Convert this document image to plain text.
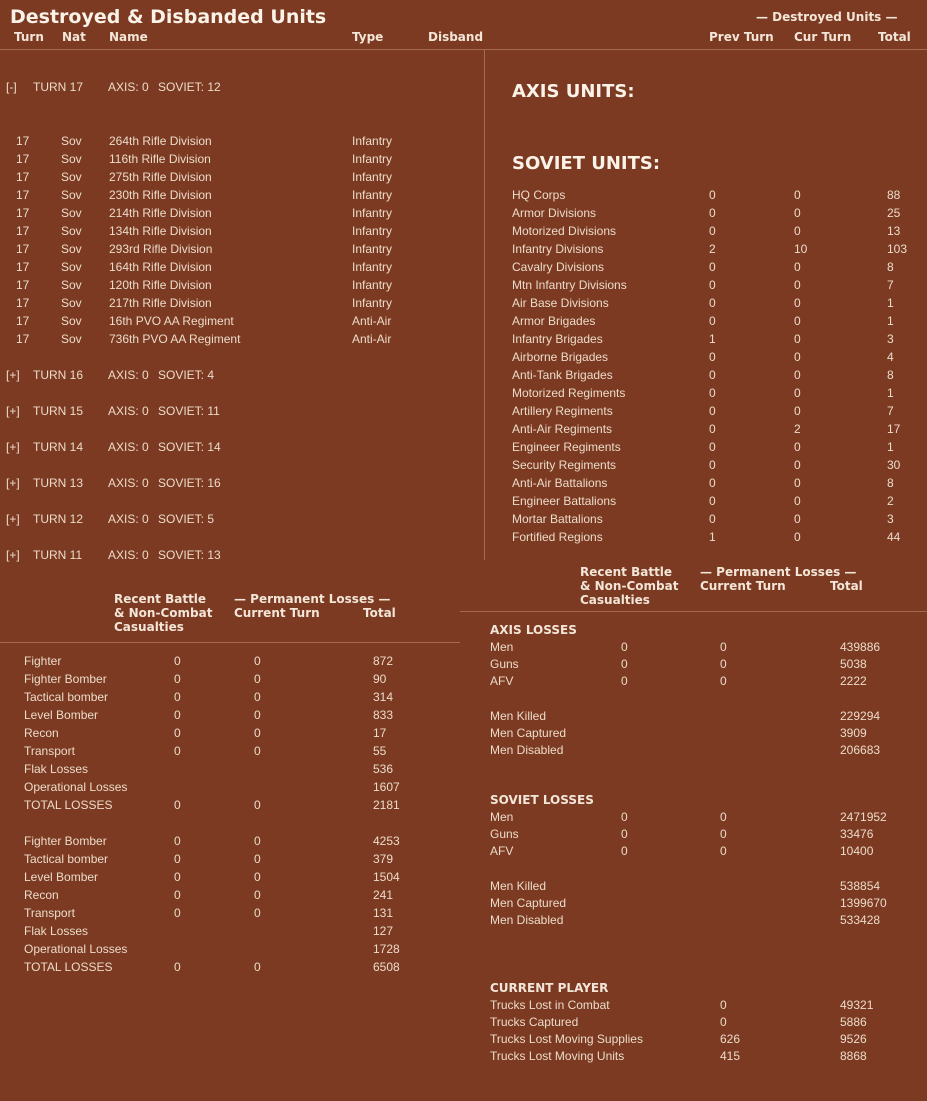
Destroyed & Disbanded Units
Turn Nat Name	Type	Disband
[-] TURN 17 AXIS: 0 SOVIET: 12
[+] TURN 16 AXIS: 0 SOVIET: 4
[+] TURN 15 AXIS: 0 SOVIET: 11
[+] TURN 14 AXIS: 0 SOVIET: 14
[+] TURN 13 AXIS: 0 SOVIET: 16
[+] TURN 12 AXIS: 0 SOVIET: 5
[+] TURN 11 AXIS: 0 SOVIET: 13
17	Sov 264th Rifle Division	Infantry
17	Sov 116th Rifle Division	Infantry
17	Sov 275th Rifle Division	Infantry
17	Sov 230th Rifle Division	Infantry
17	Sov 214th Rifle Division	Infantry
17	Sov 134th Rifle Division	Infantry
17	Sov 293rd Rifle Division	Infantry
17	Sov 164th Rifle Division	Infantry
17	Sov 120th Rifle Division	Infantry
17	Sov 217th Rifle Division	Infantry
17	Sov 16th PVO AA Regiment	Anti-Air
17	Sov 736th PVO AA Regiment	Anti-Air
— Destroyed Units —
Prev Turn Cur Turn Total
AXIS UNITS:
SOVIET UNITS:
HQ Corps	0	0	88
Armor Divisions	0	0	25
Motorized Divisions	0	0	13
Infantry Divisions	2	10	103
Cavalry Divisions	0	0	8
Mtn Infantry Divisions	0	0	7
Air Base Divisions	0	0	1
Armor Brigades	0	0	1
Infantry Brigades	1	0	3
Airborne Brigades	0	0	4
Anti-Tank Brigades	0	0	8
Motorized Regiments	0	0	1
Artillery Regiments	0	0	7
Anti-Air Regiments	0	2	17
Engineer Regiments	0	0	1
Security Regiments	0	0	30
Anti-Air Battalions	0	0	8
Engineer Battalions	0	0	2
Mortar Battalions	0	0	3
Fortified Regions	1	0	44
Recent Battle
& Non-Combat
Casualties
— Permanent Losses —
Current Turn	Total
Fighter	0	0	872
Fighter Bomber	0	0	90
Tactical bomber	0	0	314
Level Bomber	0	0	833
Recon	0	0	17
Transport	0	0	55
Flak Losses	536
Operational Losses	1607
TOTAL LOSSES	0	0	2181
Fighter Bomber	0	0	4253
Tactical bomber	0	0	379
Level Bomber	0	0	1504
Recon	0	0	241
Transport	0	0	131
Flak Losses	127
Operational Losses	1728
TOTAL LOSSES	0	0	6508
Recent Battle
& Non-Combat
Casualties
— Permanent Losses —
Current Turn	Total
AXIS LOSSES
SOVIET LOSSES
CURRENT PLAYER
Men	0	0	439886
Guns	0	0	5038
AFV	0	0	2222
Men Killed	229294
Men Captured	3909
Men Disabled	206683
Men	0	0	2471952
Guns	0	0	33476
AFV	0	0	10400
Men Killed	538854
Men Captured	1399670
Men Disabled	533428
Trucks Lost in Combat	0	49321
Trucks Captured	0	5886
Trucks Lost Moving Supplies	626	9526
Trucks Lost Moving Units	415	8868
